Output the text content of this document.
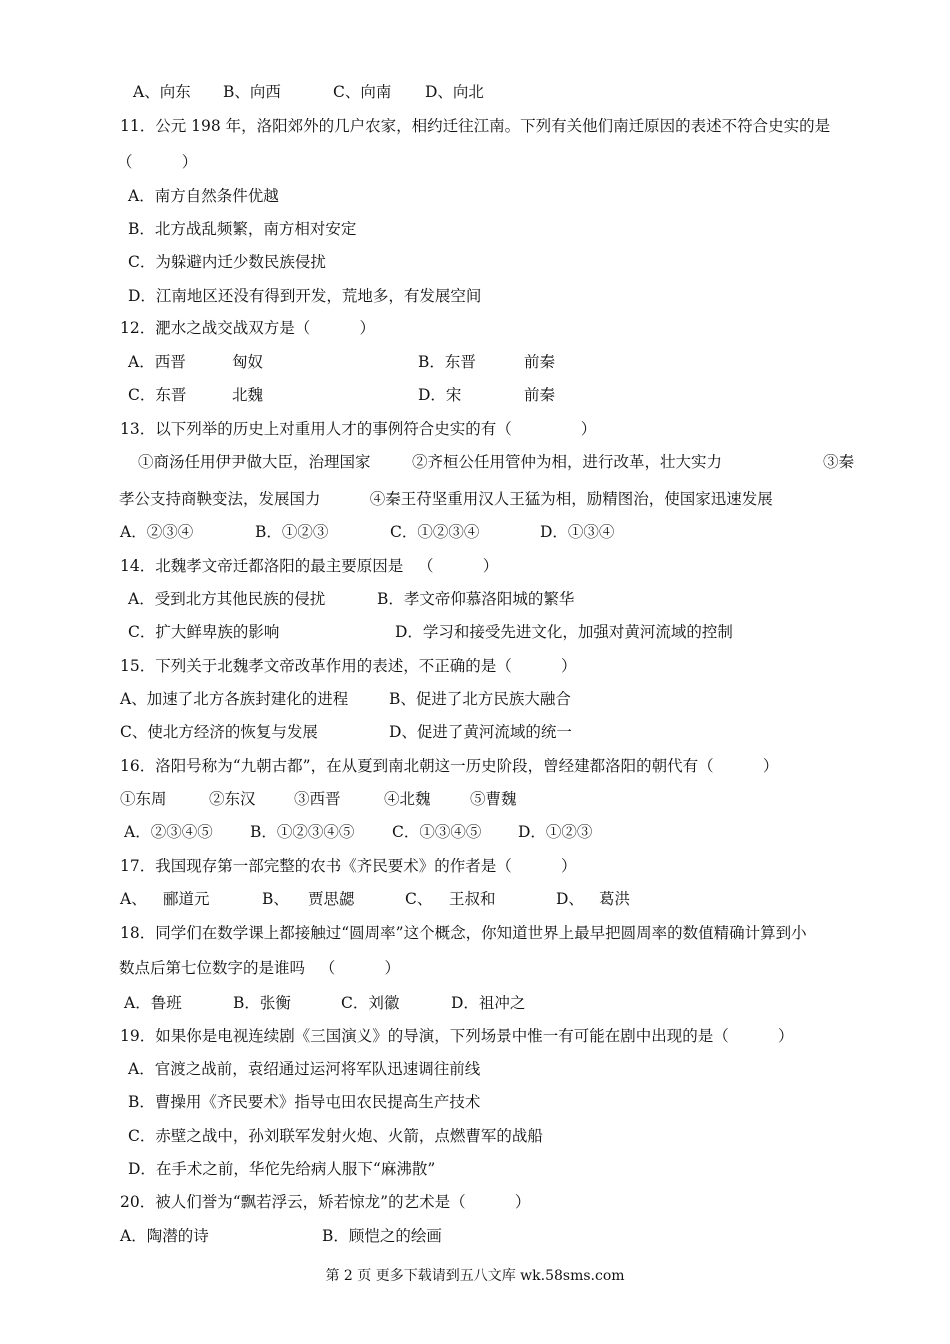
A、向东

B、向西

	C、向南

D、向北

11．公元 198 年，洛阳郊外的几户农家，相约迁往江南。下列有关他们南迁原因的表述不符合史实的是

（          ）

A．南方自然条件优越

B．北方战乱频繁，南方相对安定

C．为躲避内迁少数民族侵扰

D．江南地区还没有得到开发，荒地多，有发展空间

12．淝水之战交战双方是（          ）

A．西晋

	匈奴

	B．东晋

	前秦

C．东晋

	北魏

	D．宋

	前秦

13．以下列举的历史上对重用人才的事例符合史实的有（              ）

①商汤任用伊尹做大臣，治理国家

	②齐桓公任用管仲为相，进行改革，壮大实力

	③秦

孝公支持商鞅变法，发展国力          ④秦王苻坚重用汉人王猛为相，励精图治，使国家迅速发展

A．②③④

	B．①②③

	C．①②③④

	D．①③④

14．北魏孝文帝迁都洛阳的最主要原因是   （          ）

A．受到北方其他民族的侵扰

	B．孝文帝仰慕洛阳城的繁华

C．扩大鲜卑族的影响

	D．学习和接受先进文化，加强对黄河流域的控制

15．下列关于北魏孝文帝改革作用的表述，不正确的是（          ）

A、加速了北方各族封建化的进程

	B、促进了北方民族大融合

C、使北方经济的恢复与发展

	D、促进了黄河流域的统一

16．洛阳号称为“九朝古都”，在从夏到南北朝这一历史阶段，曾经建都洛阳的朝代有（          ）

①东周

	②东汉

③西晋

	④北魏

	⑤曹魏

A．②③④⑤

B．①②③④⑤

C．①③④⑤

D．①②③

17．我国现存第一部完整的农书《齐民要术》的作者是（          ）

A、

郦道元

	B、

贾思勰

	C、

王叔和

	D、

葛洪

18．同学们在数学课上都接触过“圆周率”这个概念，你知道世界上最早把圆周率的数值精确计算到小

数点后第七位数字的是谁吗   （          ）

A．鲁班

	B．张衡

	C．刘徽

	D．祖冲之

19．如果你是电视连续剧《三国演义》的导演，下列场景中惟一有可能在剧中出现的是（          ）

A．官渡之战前，袁绍通过运河将军队迅速调往前线

B．曹操用《齐民要术》指导屯田农民提高生产技术

C．赤壁之战中，孙刘联军发射火炮、火箭，点燃曹军的战船

D．在手术之前，华佗先给病人服下“麻沸散”

20．被人们誉为“飘若浮云，矫若惊龙”的艺术是（          ）

A．陶潜的诗

	B．顾恺之的绘画

第 2 页 更多下载请到五八文库 wk.58sms.com
